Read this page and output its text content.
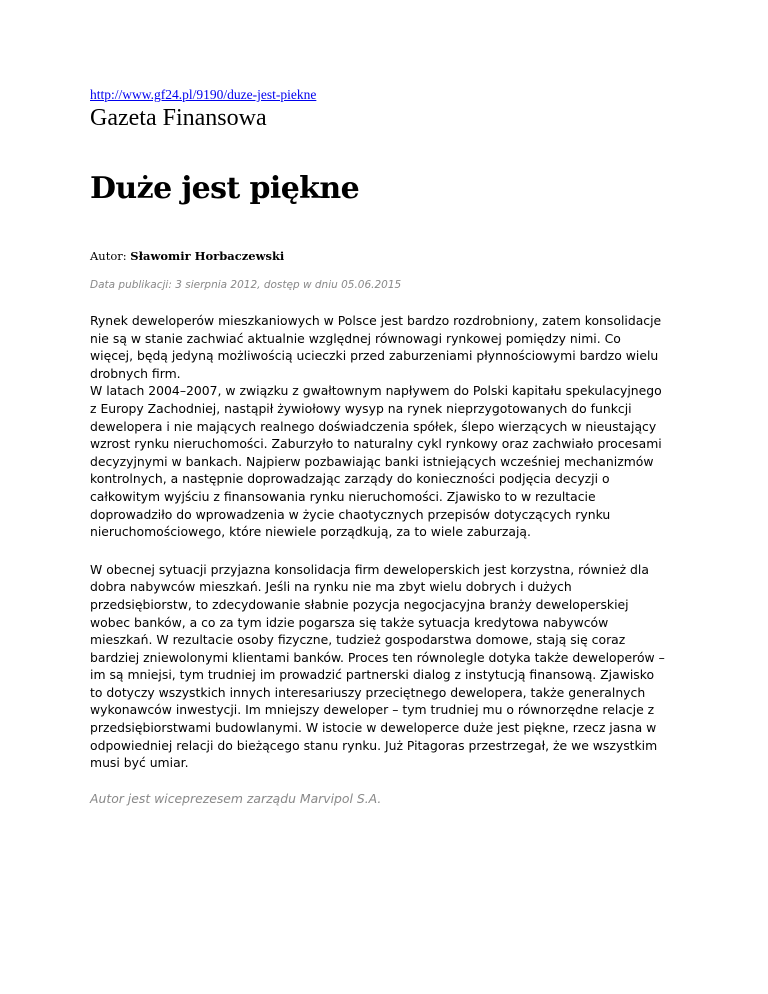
http://www.gf24.pl/9190/duze-jest-piekne
Gazeta Finansowa
Duże jest piękne
Autor: Sławomir Horbaczewski
Data publikacji: 3 sierpnia 2012, dostęp w dniu 05.06.2015
Rynek deweloperów mieszkaniowych w Polsce jest bardzo rozdrobniony, zatem konsolidacje nie są w stanie zachwiać aktualnie względnej równowagi rynkowej pomiędzy nimi. Co więcej, będą jedyną możliwością ucieczki przed zaburzeniami płynnościowymi bardzo wielu drobnych firm.
W latach 2004–2007, w związku z gwałtownym napływem do Polski kapitału spekulacyjnego z Europy Zachodniej, nastąpił żywiołowy wysyp na rynek nieprzygotowanych do funkcji dewelopera i nie mających realnego doświadczenia spółek, ślepo wierzących w nieustający wzrost rynku nieruchomości. Zaburzyło to naturalny cykl rynkowy oraz zachwiało procesami decyzyjnymi w bankach. Najpierw pozbawiając banki istniejących wcześniej mechanizmów kontrolnych, a następnie doprowadzając zarządy do konieczności podjęcia decyzji o całkowitym wyjściu z finansowania rynku nieruchomości. Zjawisko to w rezultacie doprowadziło do wprowadzenia w życie chaotycznych przepisów dotyczących rynku nieruchomościowego, które niewiele porządkują, za to wiele zaburzają.

W obecnej sytuacji przyjazna konsolidacja firm deweloperskich jest korzystna, również dla dobra nabywców mieszkań. Jeśli na rynku nie ma zbyt wielu dobrych i dużych przedsiębiorstw, to zdecydowanie słabnie pozycja negocjacyjna branży deweloperskiej wobec banków, a co za tym idzie pogarsza się także sytuacja kredytowa nabywców mieszkań. W rezultacie osoby fizyczne, tudzież gospodarstwa domowe, stają się coraz bardziej zniewolonymi klientami banków. Proces ten równolegle dotyka także deweloperów – im są mniejsi, tym trudniej im prowadzić partnerski dialog z instytucją finansową. Zjawisko to dotyczy wszystkich innych interesariuszy przeciętnego dewelopera, także generalnych wykonawców inwestycji. Im mniejszy deweloper – tym trudniej mu o równorzędne relacje z przedsiębiorstwami budowlanymi. W istocie w deweloperce duże jest piękne, rzecz jasna w odpowiedniej relacji do bieżącego stanu rynku. Już Pitagoras przestrzegał, że we wszystkim musi być umiar.

Autor jest wiceprezesem zarządu Marvipol S.A.
